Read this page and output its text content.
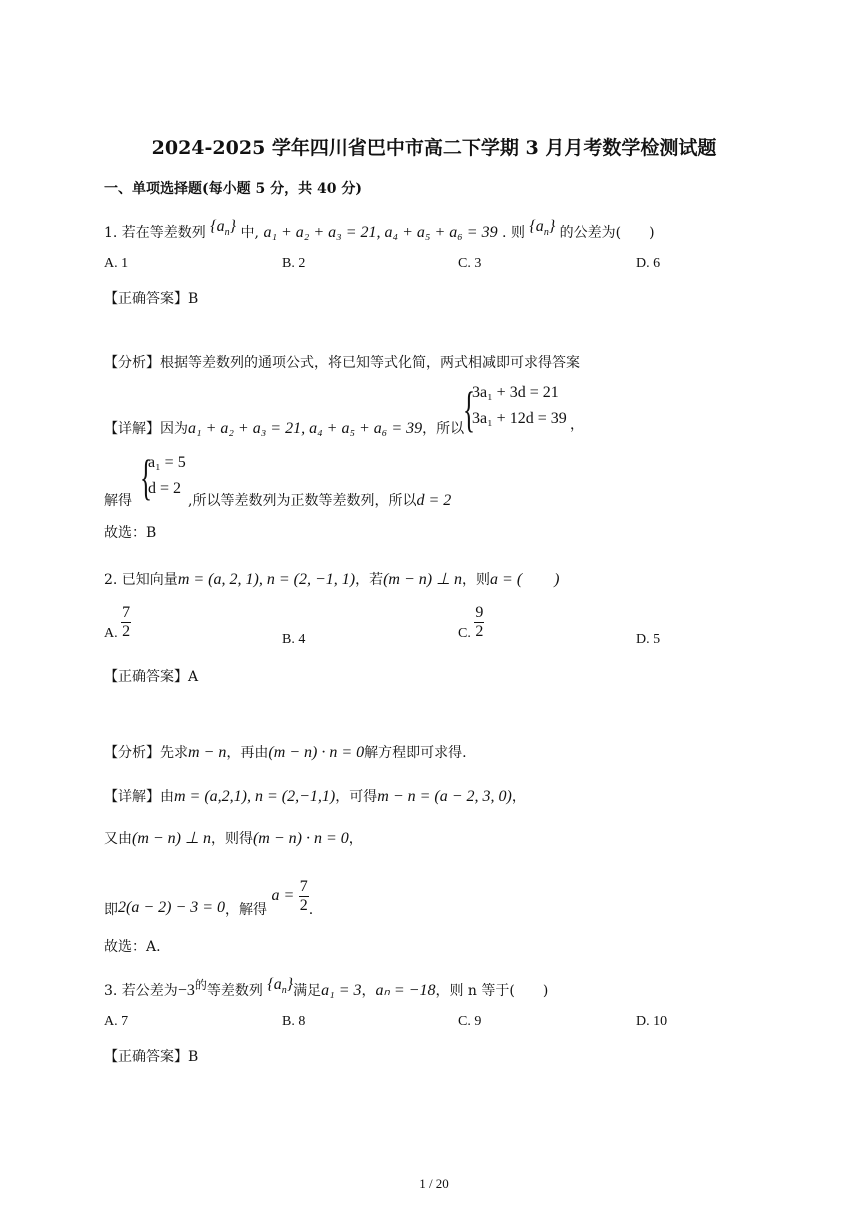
2024-2025 学年四川省巴中市高二下学期 3 月月考数学检测试题
一、单项选择题(每小题 5 分，共 40 分)
1. 若在等差数列 $\{a_n\}$ 中, a₁ + a₂ + a₃ = 21, a₄ + a₅ + a₆ = 39 . 则 $\{a_n\}$ 的公差为(　　)
A. 1	B. 2	C. 3	D. 6
【正确答案】B
【分析】根据等差数列的通项公式，将已知等式化简，两式相减即可求得答案
【详解】因为a₁ + a₂ + a₃ = 21, a₄ + a₅ + a₆ = 39，所以
{
3a₁ + 3d = 21
3a₁ + 12d = 39 ，
{
a₁ = 5
d = 2
解得	,所以等差数列为正数等差数列，所以d = 2
故选：B
2. 已知向量m = (a, 2, 1), n = (2, −1, 1)，若(m − n) ⊥ n，则a = (　　)
A. $\frac{7}{2}$	B. 4	C. $\frac{9}{2}$	D. 5
【正确答案】A
【分析】先求m − n，再由(m − n) · n = 0解方程即可求得.
【详解】由m = (a,2,1), n = (2,−1,1)，可得m − n = (a − 2, 3, 0)，
又由(m − n) ⊥ n，则得(m − n) · n = 0，
即2(a − 2) − 3 = 0，解得 $a = \frac{7}{2}$ .
故选：A.
3. 若公差为−3的等差数列 $\{a_n\}$满足a₁ = 3，aₙ = −18，则 n 等于(　　)
A. 7	B. 8	C. 9	D. 10
【正确答案】B
1 / 20
